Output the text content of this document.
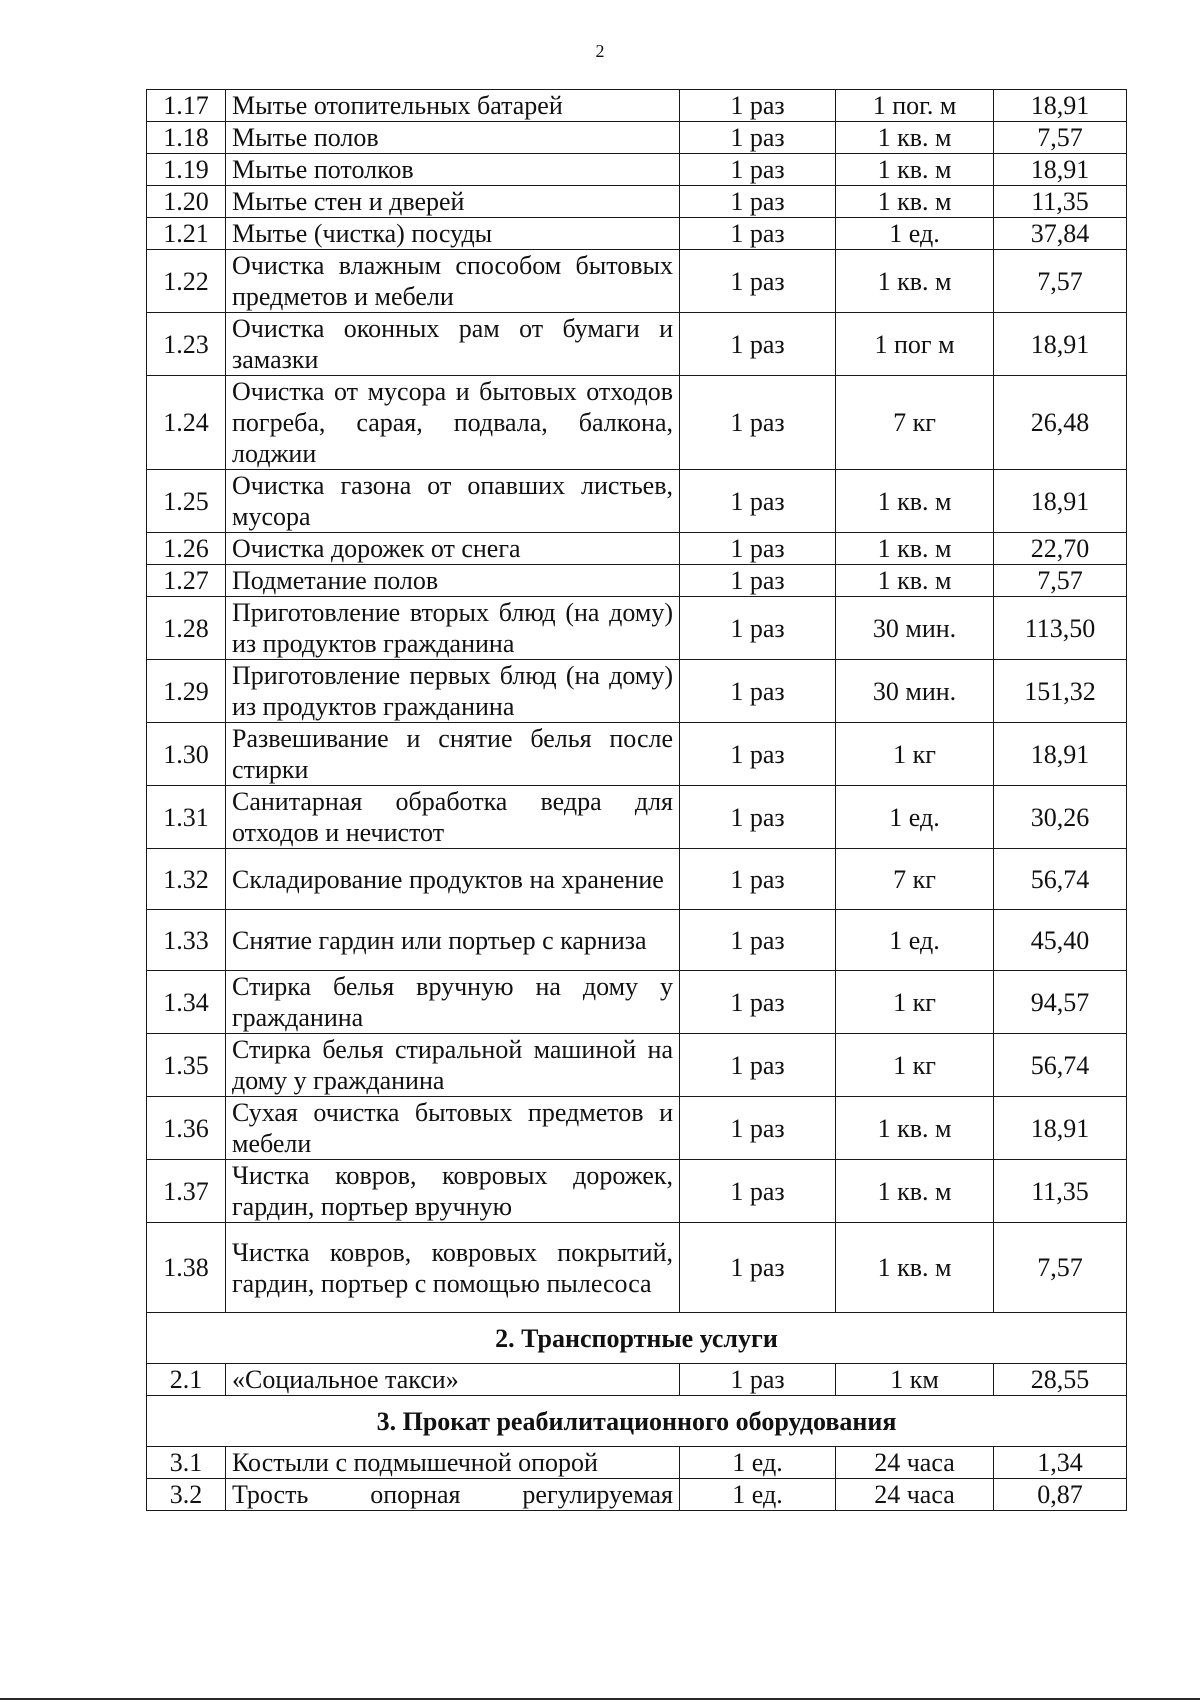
2
1.17	Мытье отопительных батарей	1 раз	1 пог. м	18,91
1.18	Мытье полов	1 раз	1 кв. м	7,57
1.19	Мытье потолков	1 раз	1 кв. м	18,91
1.20	Мытье стен и дверей	1 раз	1 кв. м	11,35
1.21	Мытье (чистка) посуды	1 раз	1 ед.	37,84
1.22	Очистка влажным способом бытовых предметов и мебели	1 раз	1 кв. м	7,57
1.23	Очистка оконных рам от бумаги и замазки	1 раз	1 пог м	18,91
1.24	Очистка от мусора и бытовых отходов погреба, сарая, подвала, балкона, лоджии	1 раз	7 кг	26,48
1.25	Очистка газона от опавших листьев, мусора	1 раз	1 кв. м	18,91
1.26	Очистка дорожек от снега	1 раз	1 кв. м	22,70
1.27	Подметание полов	1 раз	1 кв. м	7,57
1.28	Приготовление вторых блюд (на дому) из продуктов гражданина	1 раз	30 мин.	113,50
1.29	Приготовление первых блюд (на дому) из продуктов гражданина	1 раз	30 мин.	151,32
1.30	Развешивание и снятие белья после стирки	1 раз	1 кг	18,91
1.31	Санитарная обработка ведра для отходов и нечистот	1 раз	1 ед.	30,26
1.32	Складирование продуктов на хранение	1 раз	7 кг	56,74
1.33	Снятие гардин или портьер с карниза	1 раз	1 ед.	45,40
1.34	Стирка белья вручную на дому у гражданина	1 раз	1 кг	94,57
1.35	Стирка белья стиральной машиной на дому у гражданина	1 раз	1 кг	56,74
1.36	Сухая очистка бытовых предметов и мебели	1 раз	1 кв. м	18,91
1.37	Чистка ковров, ковровых дорожек, гардин, портьер вручную	1 раз	1 кв. м	11,35
1.38	Чистка ковров, ковровых покрытий, гардин, портьер с помощью пылесоса	1 раз	1 кв. м	7,57
2. Транспортные услуги				
2.1	«Социальное такси»	1 раз	1 км	28,55
3. Прокат реабилитационного оборудования				
3.1	Костыли с подмышечной опорой	1 ед.	24 часа	1,34
3.2	Трость опорная регулируемая	1 ед.	24 часа	0,87
